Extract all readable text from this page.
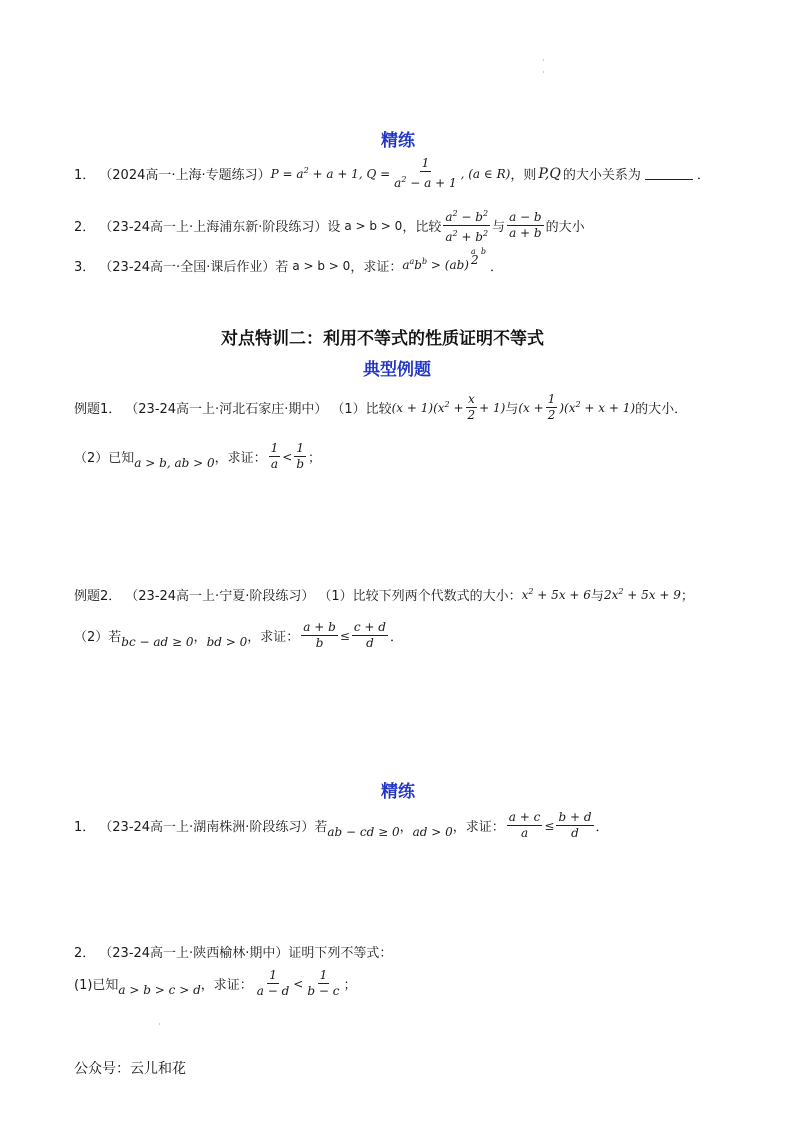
·
·
精练
1． （2024高一·上海·专题练习） $P = a^2 + a + 1$, $Q = \frac{1}{a^2 - a + 1}$ , (a ∈ R) ，则 P,Q 的大小关系为	．
2． （23-24高一上·上海浦东新·阶段练习）设 a > b > 0 ，比较 $\frac{a^2 - b^2}{a^2 + b^2}$ 与 $\frac{a - b}{a + b}$ 的大小
3． （23-24高一·全国·课后作业）若 a > b > 0 ，求证： $a^ab^b > (ab)$
a  b
2
．
对点特训二：利用不等式的性质证明不等式
典型例题
例题1． （23-24高一上·河北石家庄·期中） （1）比较 $(x + 1)(x^2 + \frac{x}{2} + 1)$ 与 $(x + \frac{1}{2} )(x^2 + x + 1)$ 的大小．
（2）已知 a > b, ab > 0 ，求证： $\frac{1}{a} < \frac{1}{b}$ ；
例题2． （23-24高一上·宁夏·阶段练习） （1）比较下列两个代数式的大小： $x^2 + 5x + 6$ 与 $2x^2 + 5x + 9$ ；
（2）若 bc − ad ≥ 0 ， bd > 0 ，求证： $\frac{a + b}{b} \le \frac{c + d}{d}$ ．
精练
1． （23-24高一上·湖南株洲·阶段练习）若 ab − cd ≥ 0 ， ad > 0 ，求证： $\frac{a + c}{a} \le \frac{b + d}{d}$ ．
2． （23-24高一上·陕西榆林·期中）证明下列不等式：
(1)已知 a > b > c > d ，求证： $\frac{1}{a - d} < \frac{1}{b - c}$ ；
·
公众号：云儿和花
